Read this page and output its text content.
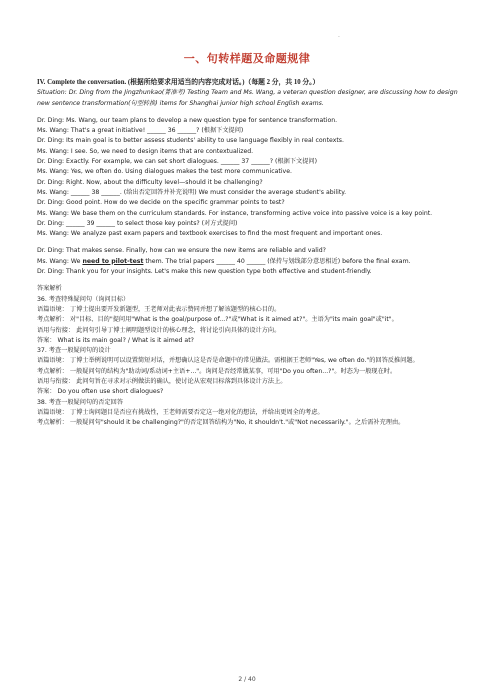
·
一、句转样题及命题规律

IV. Complete the conversation. (根据所给要求用适当的内容完成对话。)（每题 2 分，共 10 分。）

Situation: Dr. Ding from the Jingzhunkao(菁准考) Testing Team and Ms. Wang, a veteran question designer, are discussing how to design new sentence transformation(句型转换) items for Shanghai junior high school English exams.

Dr. Ding: Ms. Wang, our team plans to develop a new question type for sentence transformation.

Ms. Wang: That's a great initiative! ______ 36 ______? (根据下文提问)

Dr. Ding: Its main goal is to better assess students' ability to use language flexibly in real contexts.

Ms. Wang: I see. So, we need to design items that are contextualized.

Dr. Ding: Exactly. For example, we can set short dialogues. ______ 37 ______? (根据下文提问)

Ms. Wang: Yes, we often do. Using dialogues makes the test more communicative.

Dr. Ding: Right. Now, about the difficulty level—should it be challenging?

Ms. Wang: ______ 38 ______. (给出否定回答并补充说明) We must consider the average student's ability.

Dr. Ding: Good point. How do we decide on the specific grammar points to test?

Ms. Wang: We base them on the curriculum standards. For instance, transforming active voice into passive voice is a key point.

Dr. Ding: ______ 39 ______ to select those key points? (对方式提问)

Ms. Wang: We analyze past exam papers and textbook exercises to find the most frequent and important ones.

Dr. Ding: That makes sense. Finally, how can we ensure the new items are reliable and valid?

Ms. Wang: We need to pilot-test them. The trial papers ______ 40 ______ (保持与划线部分意思相近) before the final exam.

Dr. Ding: Thank you for your insights. Let's make this new question type both effective and student-friendly.

答案解析

36. 考查特殊疑问句（询问目标）

语篇语境： 丁博士提出要开发新题型，王老师对此表示赞同并想了解该题型的核心目的。

考点解析： 对"目标、目的"提问用"What is the goal/purpose of...?"或"What is it aimed at?"。主语为"its main goal"或"it"。

语用与衔接： 此问句引导丁博士阐明题型设计的核心理念，将讨论引向具体的设计方向。

答案： What is its main goal? / What is it aimed at?

37. 考查一般疑问句的设计

语篇语境： 丁博士举例说明可以设置简短对话，并想确认这是否是命题中的常见做法。需根据王老师"Yes, we often do."的回答反推问题。

考点解析： 一般疑问句的结构为"助动词/系动词+主语+..."。询问是否经常做某事，可用"Do you often...?"。时态为一般现在时。

语用与衔接： 此问句旨在寻求对示例做法的确认，使讨论从宏观目标落到具体设计方法上。

答案： Do you often use short dialogues?

38. 考查一般疑问句的否定回答

语篇语境： 丁博士询问题目是否应有挑战性，王老师需要否定这一绝对化的想法，并给出更周全的考虑。

考点解析： 一般疑问句"should it be challenging?"的否定回答结构为"No, it shouldn't."或"Not necessarily."。之后需补充理由。

2 / 40
